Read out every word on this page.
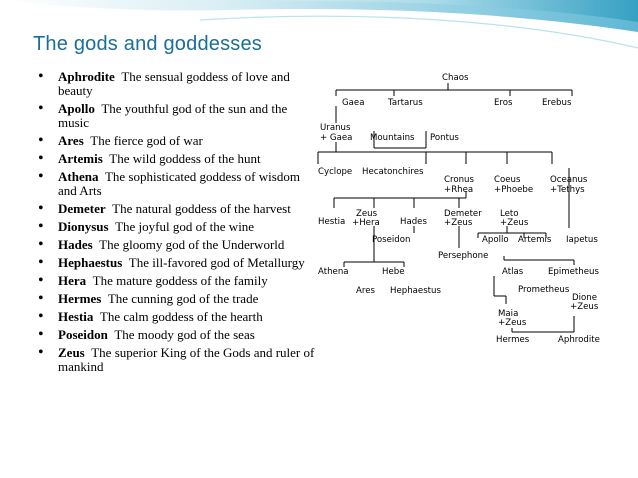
The gods and goddesses
• Aphrodite The sensual goddess of love and beauty
• Apollo The youthful god of the sun and the music
• Ares The fierce god of war
• Artemis The wild goddess of the hunt
• Athena The sophisticated goddess of wisdom and Arts
• Demeter The natural goddess of the harvest
• Dionysus The joyful god of the wine
• Hades The gloomy god of the Underworld
• Hephaestus The ill-favored god of Metallurgy
• Hera The mature goddess of the family
• Hermes The cunning god of the trade
• Hestia The calm goddess of the hearth
• Poseidon The moody god of the seas
• Zeus The superior King of the Gods and ruler of mankind
Chaos
Gaea	Tartarus	Eros	Erebus
Uranus
+ Gaea Mountains Pontus
Cyclope Hecatonchires
Cronus
+Rhea
Coeus
+Phoebe
Oceanus
+Tethys
Hestia
Zeus
+Hera Hades
Demeter
+Zeus
Leto
+Zeus
Poseidon	Apollo Artemis Iapetus
Persephone
Athena	Hebe	Atlas	Epimetheus
Ares Hephaestus	Prometheus
Dione
+Zeus
Maia
+Zeus
Hermes	Aphrodite
